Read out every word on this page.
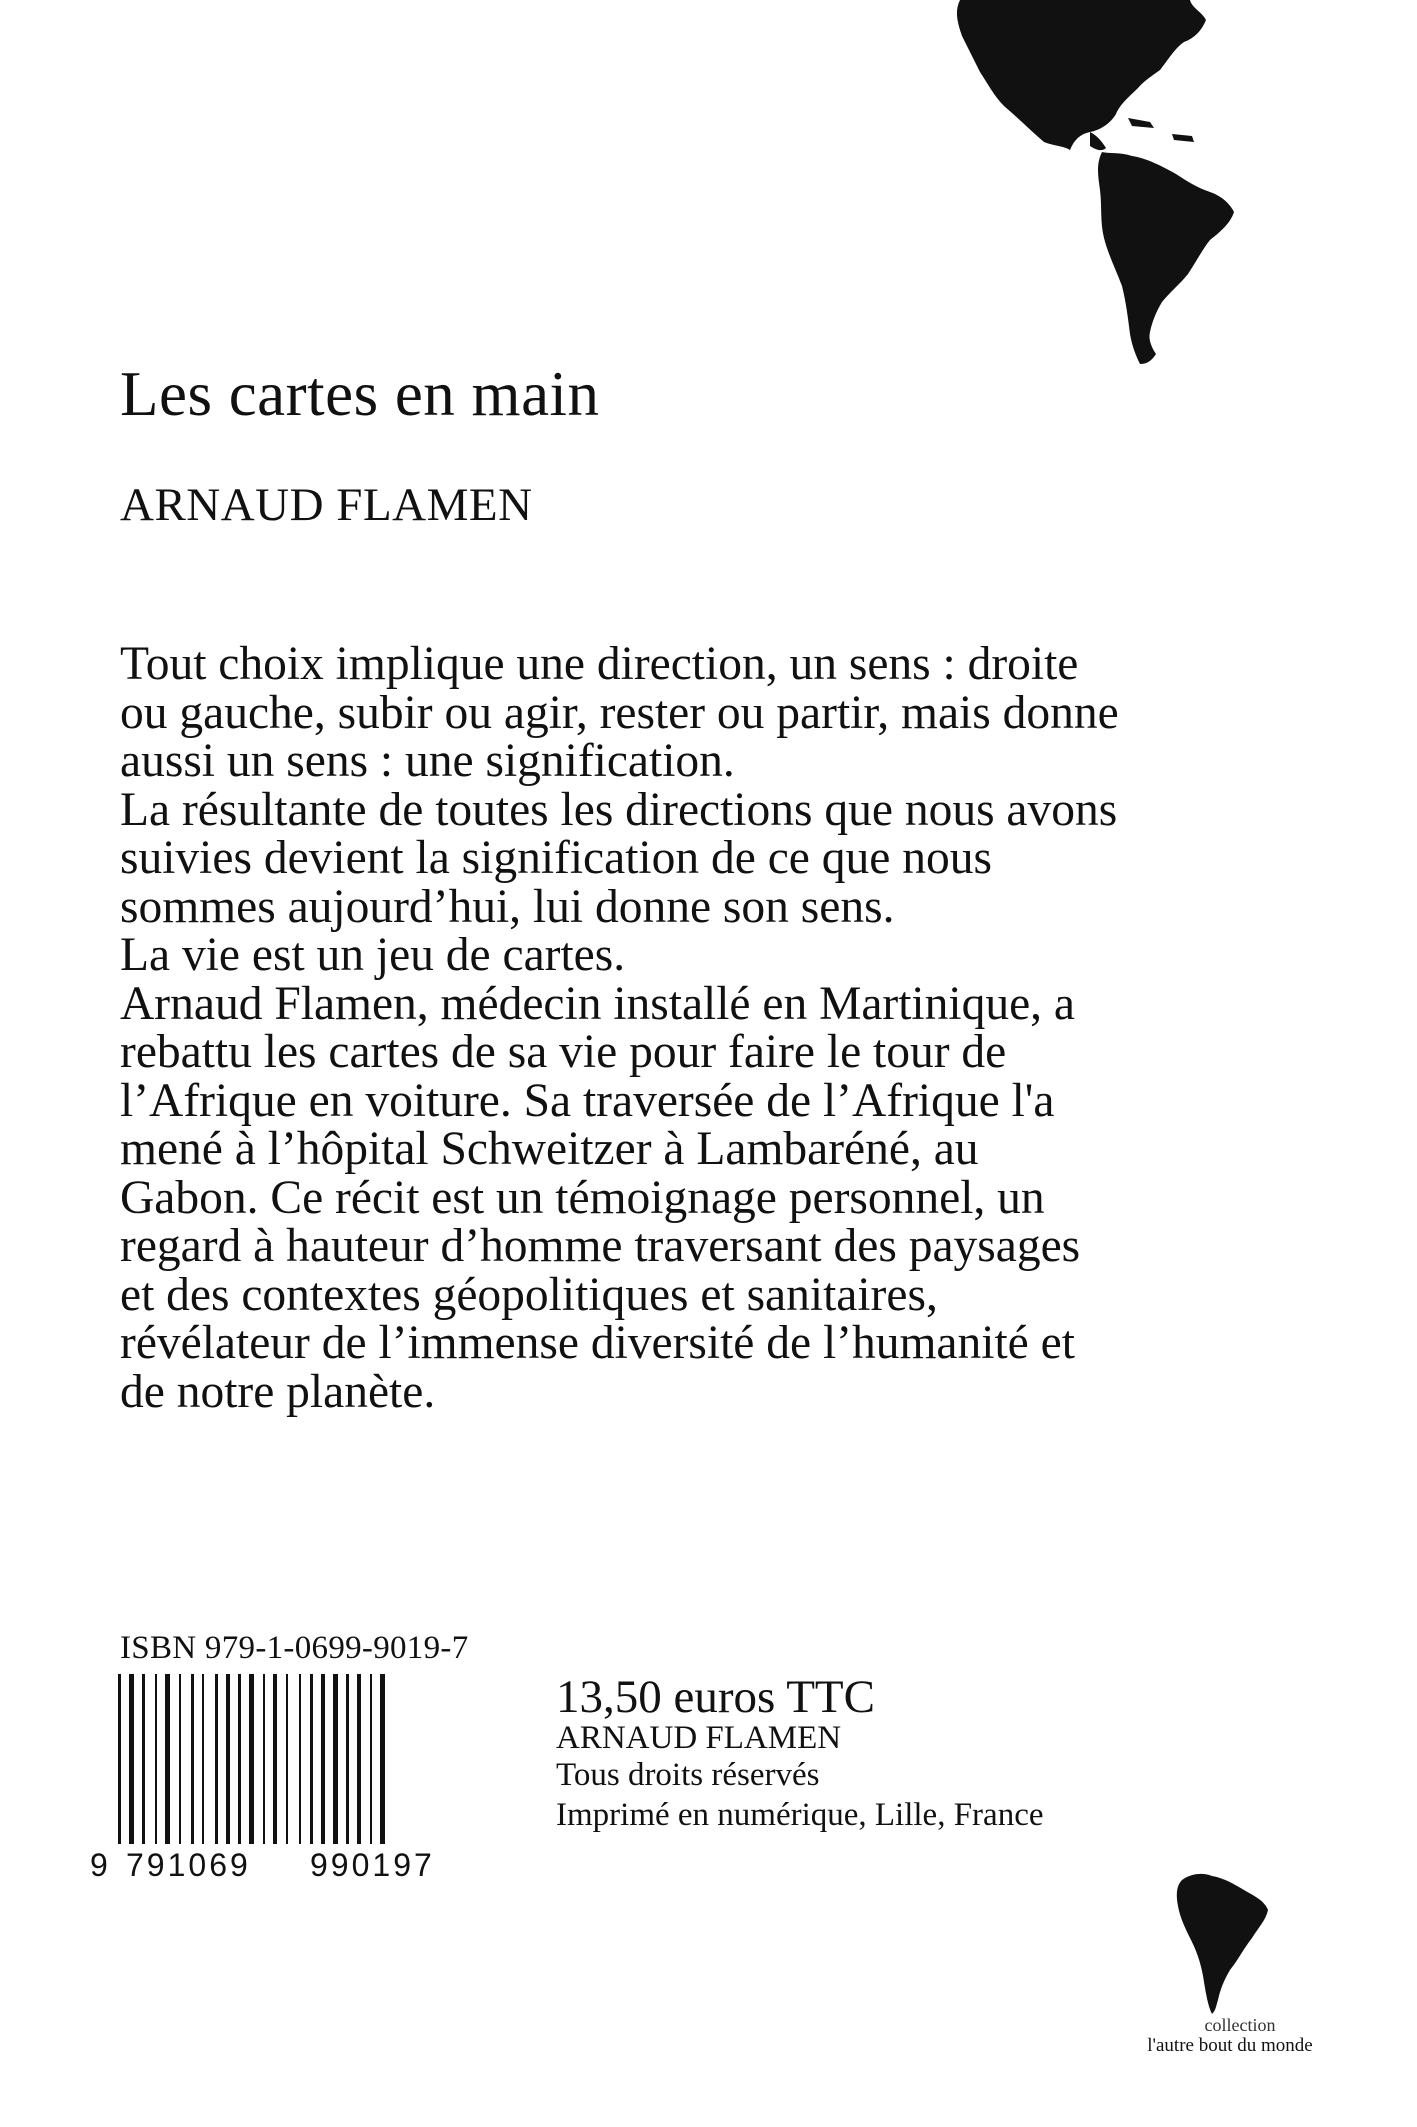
Les cartes en main
ARNAUD FLAMEN

Tout choix implique une direction, un sens : droite ou gauche, subir ou agir, rester ou partir, mais donne aussi un sens : une signification.

La résultante de toutes les directions que nous avons suivies devient la signification de ce que nous sommes aujourd’hui, lui donne son sens.

La vie est un jeu de cartes.

Arnaud Flamen, médecin installé en Martinique, a rebattu les cartes de sa vie pour faire le tour de l’Afrique en voiture. Sa traversée de l’Afrique l'a mené à l’hôpital Schweitzer à Lambaréné, au Gabon. Ce récit est un témoignage personnel, un regard à hauteur d’homme traversant des paysages et des contextes géopolitiques et sanitaires, révélateur de l’immense diversité de l’humanité et de notre planète.

ISBN 979-1-0699-9019-7
9 791069 990197
13,50 euros TTC
ARNAUD FLAMEN
Tous droits réservés
Imprimé en numérique, Lille, France
collection
l'autre bout du monde
